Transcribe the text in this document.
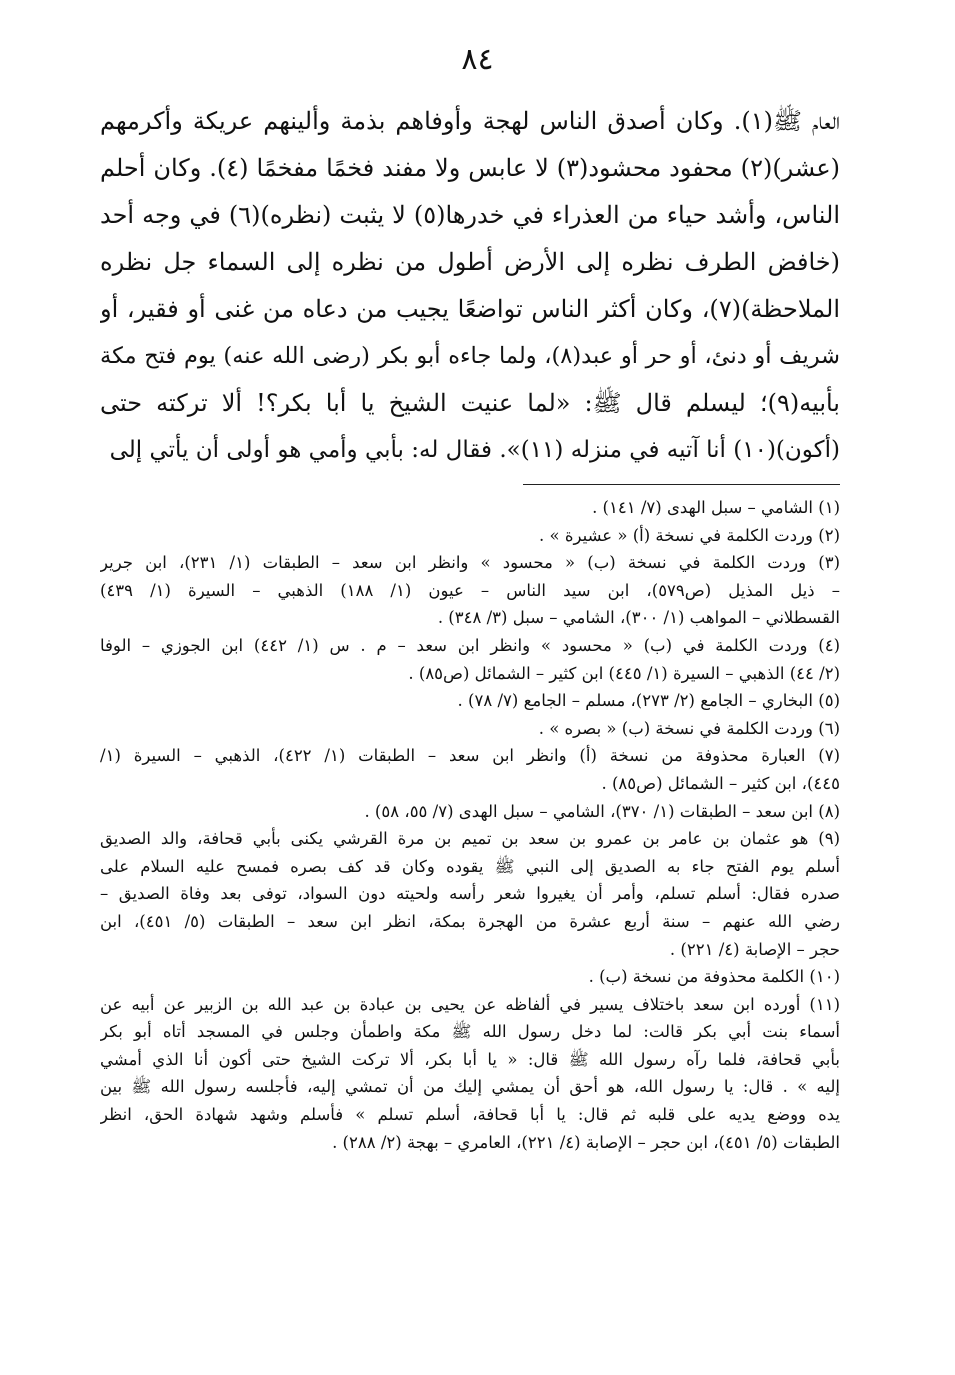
٨٤
العام ﷺ(١). وكان أصدق الناس لهجة وأوفاهم بذمة وألينهم عريكة وأكرمهم
(عشر)(٢) محفود محشود(٣) لا عابس ولا مفند فخمًا مفخمًا (٤). وكان أحلم
الناس، وأشد حياء من العذراء في خدرها(٥) لا يثبت (نظره)(٦) في وجه أحد
(خافض الطرف نظره إلى الأرض أطول من نظره إلى السماء جل نظره
الملاحظة)(٧)، وكان أكثر الناس تواضعًا يجيب من دعاه من غنى أو فقير، أو
شريف أو دنئ، أو حر أو عبد(٨)، ولما جاءه أبو بكر (رضى الله عنه) يوم فتح مكة
بأبيه(٩)؛ ليسلم قال ﷺ: «لما عنيت الشيخ يا أبا بكر؟! ألا تركته حتى
(أكون)(١٠) أنا آتيه في منزله (١١)». فقال له: بأبي وأمي هو أولى أن يأتي إلى
(١) الشامي – سبل الهدى (٧/ ١٤١) .
(٢) وردت الكلمة في نسخة (أ) « عشيرة » .
(٣) وردت الكلمة في نسخة (ب) « محسود » وانظر ابن سعد – الطبقات (١/ ٢٣١)، ابن جرير
– ذيل المذيل (ص٥٧٩)، ابن سيد الناس – عيون (١/ ١٨٨) الذهبي – السيرة (١/ ٤٣٩)
القسطلاني – المواهب (١/ ٣٠٠)، الشامي – سبل (٣/ ٣٤٨) .
(٤) وردت الكلمة في (ب) « محسود » وانظر ابن سعد – م . س (١/ ٤٤٢) ابن الجوزي – الوفا
(٢/ ٤٤) الذهبي – السيرة (١/ ٤٤٥) ابن كثير – الشمائل (ص٨٥) .
(٥) البخاري – الجامع (٢/ ٢٧٣)، مسلم – الجامع (٧/ ٧٨) .
(٦) وردت الكلمة في نسخة (ب) « بصره » .
(٧) العبارة محذوفة من نسخة (أ) وانظر ابن سعد – الطبقات (١/ ٤٢٢)، الذهبي – السيرة (١/
٤٤٥)، ابن كثير – الشمائل (ص٨٥) .
(٨) ابن سعد – الطبقات (١/ ٣٧٠)، الشامي – سبل الهدى (٧/ ٥٥، ٥٨) .
(٩) هو عثمان بن عامر بن عمرو بن سعد بن تميم بن مرة القرشي يكنى بأبي قحافة، والد الصديق
أسلم يوم الفتح جاء به الصديق إلى النبي ﷺ يقوده وكان قد كف بصره فمسح عليه السلام على
صدره فقال: أسلم تسلم، وأمر أن يغيروا شعر رأسه ولحيته دون السواد، توفى بعد وفاة الصديق –
رضي الله عنهم – سنة أربع عشرة من الهجرة بمكة، انظر ابن سعد – الطبقات (٥/ ٤٥١)، ابن
حجر – الإصابة (٤/ ٢٢١) .
(١٠) الكلمة محذوفة من نسخة (ب) .
(١١) أورده ابن سعد باختلاف يسير في ألفاظه عن يحيى بن عبادة بن عبد الله بن الزبير عن أبيه عن
أسماء بنت أبي بكر قالت: لما دخل رسول الله ﷺ مكة واطمأن وجلس في المسجد أتاه أبو بكر
بأبي قحافة، فلما رآه رسول الله ﷺ قال: « يا أبا بكر، ألا تركت الشيخ حتى أكون أنا الذي أمشي
إليه » . قال: يا رسول الله، هو أحق أن يمشي إليك من أن تمشي إليه، فأجلسه رسول الله ﷺ بين
يده ووضع يديه على قلبه ثم قال: يا أبا قحافة، أسلم تسلم » فأسلم وشهد شهادة الحق، انظر
الطبقات (٥/ ٤٥١)، ابن حجر – الإصابة (٤/ ٢٢١)، العامري – بهجة (٢/ ٢٨٨) .
